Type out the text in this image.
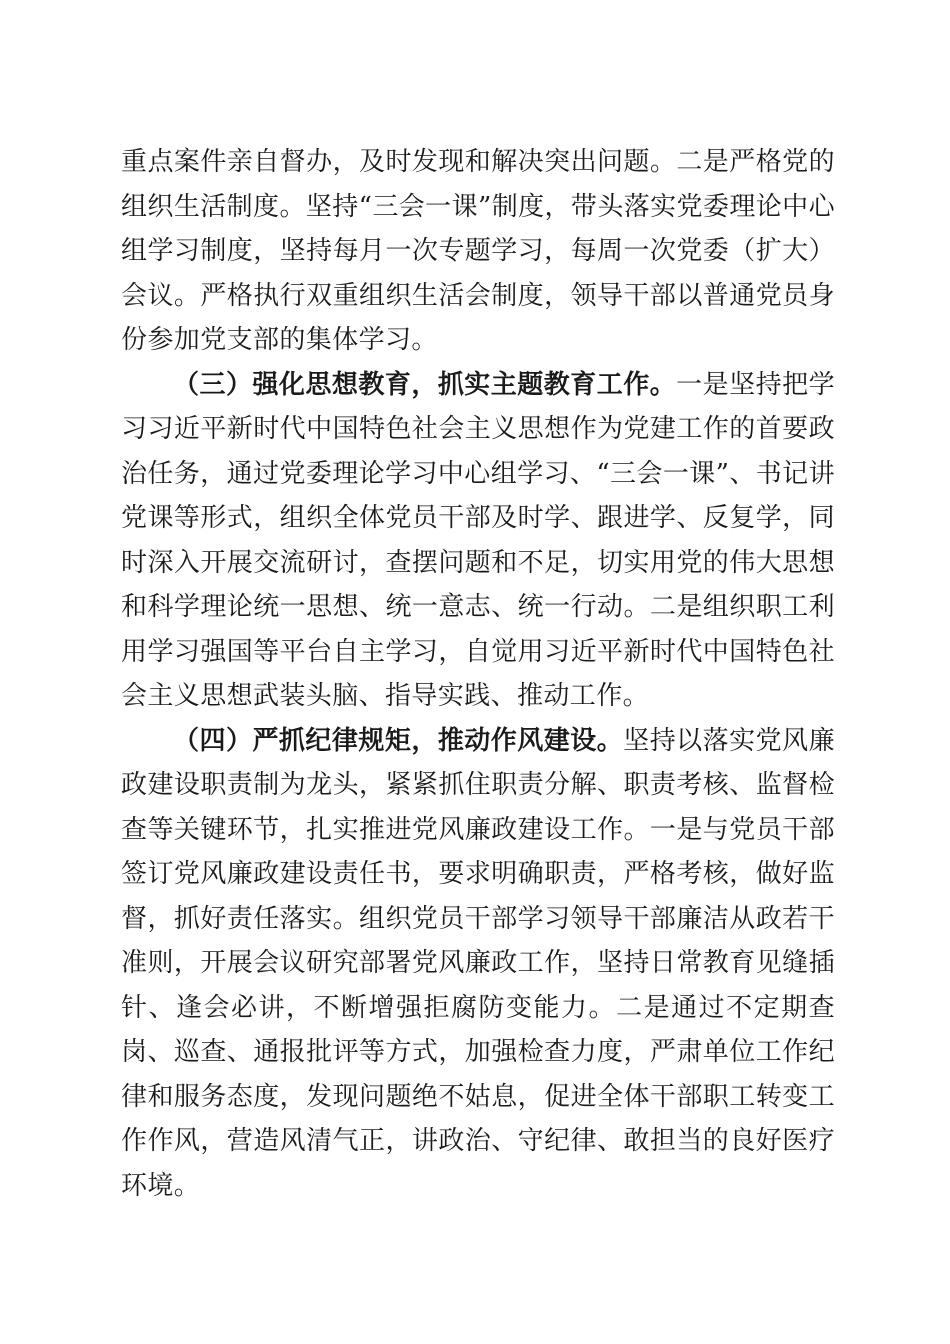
重点案件亲自督办，及时发现和解决突出问题。二是严格党的组织生活制度。坚持“三会一课”制度，带头落实党委理论中心组学习制度，坚持每月一次专题学习，每周一次党委（扩大）会议。严格执行双重组织生活会制度，领导干部以普通党员身份参加党支部的集体学习。

（三）强化思想教育，抓实主题教育工作。一是坚持把学习习近平新时代中国特色社会主义思想作为党建工作的首要政治任务，通过党委理论学习中心组学习、“三会一课”、书记讲党课等形式，组织全体党员干部及时学、跟进学、反复学，同时深入开展交流研讨，查摆问题和不足，切实用党的伟大思想和科学理论统一思想、统一意志、统一行动。二是组织职工利用学习强国等平台自主学习，自觉用习近平新时代中国特色社会主义思想武装头脑、指导实践、推动工作。

（四）严抓纪律规矩，推动作风建设。坚持以落实党风廉政建设职责制为龙头，紧紧抓住职责分解、职责考核、监督检查等关键环节，扎实推进党风廉政建设工作。一是与党员干部签订党风廉政建设责任书，要求明确职责，严格考核，做好监督，抓好责任落实。组织党员干部学习领导干部廉洁从政若干准则，开展会议研究部署党风廉政工作，坚持日常教育见缝插针、逢会必讲，不断增强拒腐防变能力。二是通过不定期查岗、巡查、通报批评等方式，加强检查力度，严肃单位工作纪律和服务态度，发现问题绝不姑息，促进全体干部职工转变工作作风，营造风清气正，讲政治、守纪律、敢担当的良好医疗环境。
